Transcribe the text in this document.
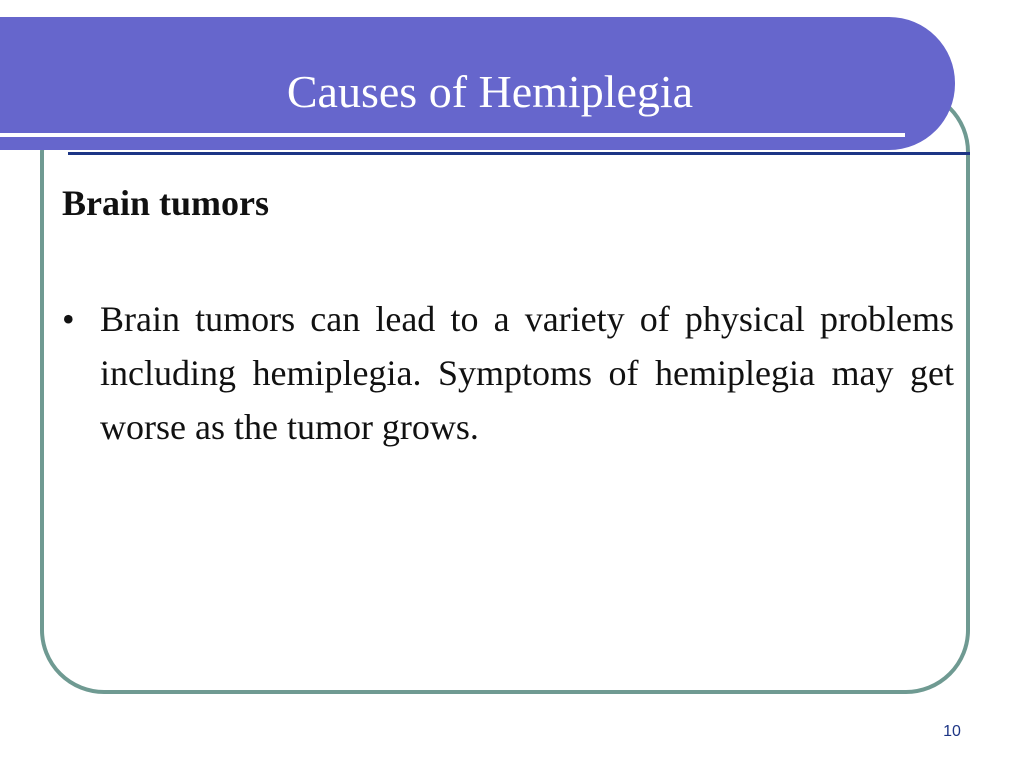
Causes of Hemiplegia
Brain tumors
• Brain tumors can lead to a variety of physical problems including hemiplegia. Symptoms of hemiplegia may get worse as the tumor grows.
10
